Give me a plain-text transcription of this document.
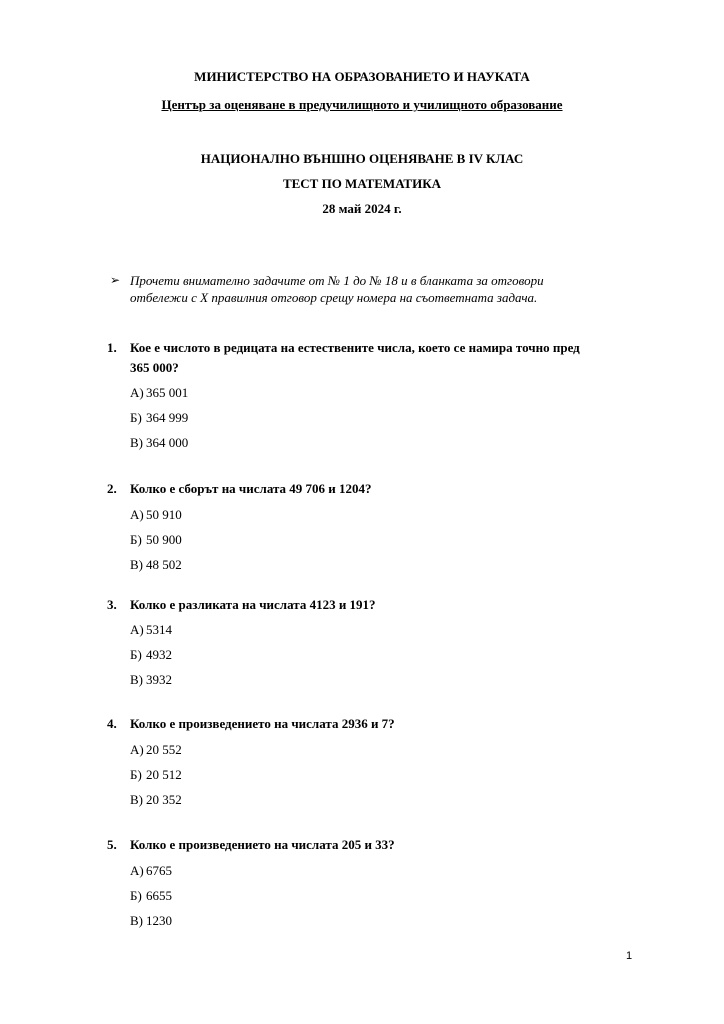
МИНИСТЕРСТВО НА ОБРАЗОВАНИЕТО И НАУКАТА
Център за оценяване в предучилищното и училищното образование
НАЦИОНАЛНО ВЪНШНО ОЦЕНЯВАНЕ В IV КЛАС
ТЕСТ ПО МАТЕМАТИКА
28 май 2024 г.
➢ Прочети внимателно задачите от № 1 до № 18 и в бланката за отговори
отбележи с Х правилния отговор срещу номера на съответната задача.
1. Кое е числото в редицата на естествените числа, което се намира точно пред
365 000?
А) 365 001
Б) 364 999
В) 364 000
2. Колко е сборът на числата 49 706 и 1204?
А) 50 910
Б) 50 900
В) 48 502
3. Колко е разликата на числата 4123 и 191?
А) 5314
Б) 4932
В) 3932
4. Колко е произведението на числата 2936 и 7?
А) 20 552
Б) 20 512
В) 20 352
5. Колко е произведението на числата 205 и 33?
А) 6765
Б) 6655
В) 1230
1
